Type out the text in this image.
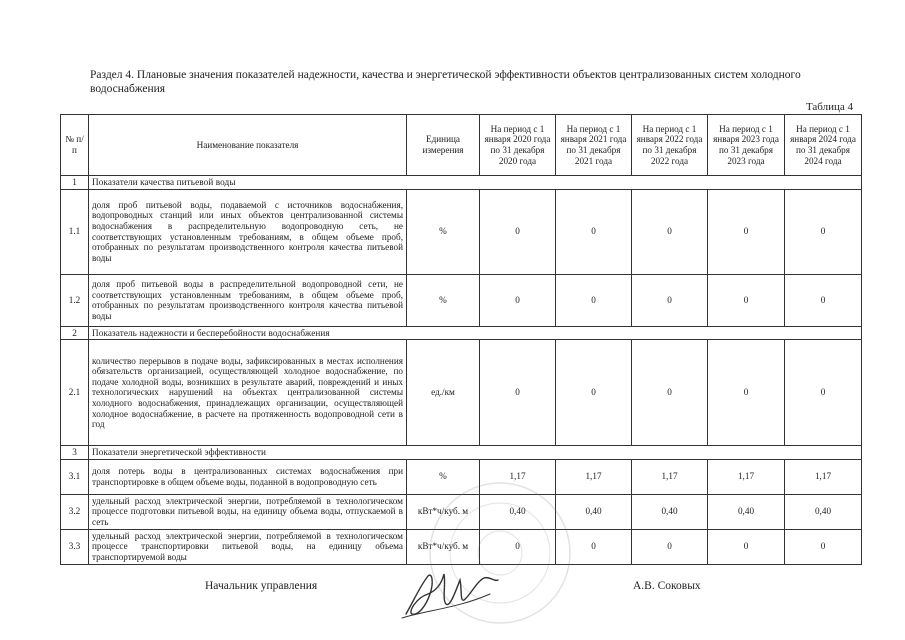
Раздел 4. Плановые значения показателей надежности, качества и энергетической эффективности объектов централизованных систем холодного водоснабжения
Таблица 4
№ п/п	Наименование показателя	Единица измерения	На период с 1 января 2020 года по 31 декабря 2020 года	На период с 1 января 2021 года по 31 декабря 2021 года	На период с 1 января 2022 года по 31 декабря 2022 года	На период с 1 января 2023 года по 31 декабря 2023 года	На период с 1 января 2024 года по 31 декабря 2024 года
1	Показатели качества питьевой воды						
1.1	доля проб питьевой воды, подаваемой с источников водоснабжения, водопроводных станций или иных объектов централизованной системы водоснабжения в распределительную водопроводную сеть, не соответствующих установленным требованиям, в общем объеме проб, отобранных по результатам производственного контроля качества питьевой воды	%	0	0	0	0	0
1.2	доля проб питьевой воды в распределительной водопроводной сети, не соответствующих установленным требованиям, в общем объеме проб, отобранных по результатам производственного контроля качества питьевой воды	%	0	0	0	0	0
2	Показатель надежности и бесперебойности водоснабжения						
2.1	количество перерывов в подаче воды, зафиксированных в местах исполнения обязательств организацией, осуществляющей холодное водоснабжение, по подаче холодной воды, возникших в результате аварий, повреждений и иных технологических нарушений на объектах централизованной системы холодного водоснабжения, принадлежащих организации, осуществляющей холодное водоснабжение, в расчете на протяженность водопроводной сети в год	ед./км	0	0	0	0	0
3	Показатели энергетической эффективности						
3.1	доля потерь воды в централизованных системах водоснабжения при транспортировке в общем объеме воды, поданной в водопроводную сеть	%	1,17	1,17	1,17	1,17	1,17
3.2	удельный расход электрической энергии, потребляемой в технологическом процессе подготовки питьевой воды, на единицу объема воды, отпускаемой в сеть	кВт*ч/куб. м	0,40	0,40	0,40	0,40	0,40
3.3	удельный расход электрической энергии, потребляемой в технологическом процессе транспортировки питьевой воды, на единицу объема транспортируемой воды	кВт*ч/куб. м	0	0	0	0	0
Начальник управления	А.В. Соковых
